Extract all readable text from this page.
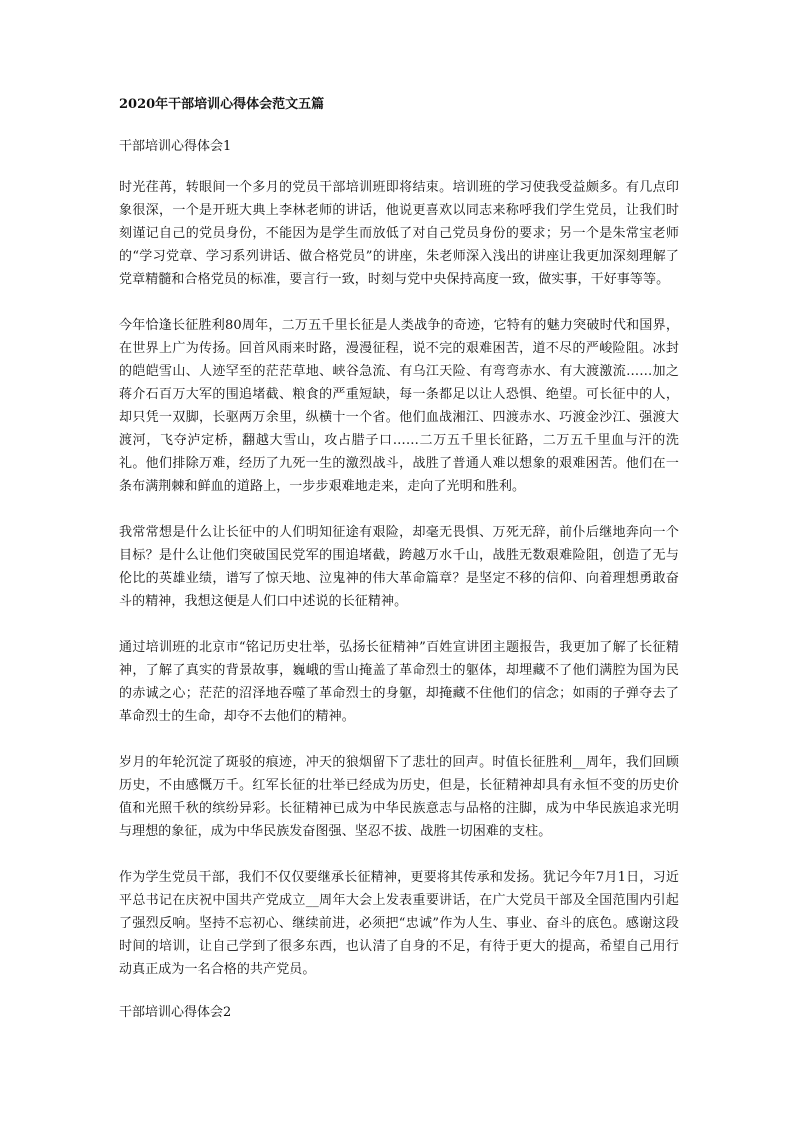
2020年干部培训心得体会范文五篇
干部培训心得体会1

时光荏苒，转眼间一个多月的党员干部培训班即将结束。培训班的学习使我受益颇多。有几点印象很深，一个是开班大典上李林老师的讲话，他说更喜欢以同志来称呼我们学生党员，让我们时刻谨记自己的党员身份，不能因为是学生而放低了对自己党员身份的要求；另一个是朱常宝老师的“学习党章、学习系列讲话、做合格党员”的讲座，朱老师深入浅出的讲座让我更加深刻理解了党章精髓和合格党员的标准，要言行一致，时刻与党中央保持高度一致，做实事，干好事等等。

今年恰逢长征胜利80周年，二万五千里长征是人类战争的奇迹，它特有的魅力突破时代和国界，在世界上广为传扬。回首风雨来时路，漫漫征程，说不完的艰难困苦，道不尽的严峻险阻。冰封的皑皑雪山、人迹罕至的茫茫草地、峡谷急流、有乌江天险、有弯弯赤水、有大渡激流……加之蒋介石百万大军的围追堵截、粮食的严重短缺，每一条都足以让人恐惧、绝望。可长征中的人，却只凭一双脚，长驱两万余里，纵横十一个省。他们血战湘江、四渡赤水、巧渡金沙江、强渡大渡河，飞夺泸定桥，翻越大雪山，攻占腊子口……二万五千里长征路，二万五千里血与汗的洗礼。他们排除万难，经历了九死一生的激烈战斗，战胜了普通人难以想象的艰难困苦。他们在一条布满荆棘和鲜血的道路上，一步步艰难地走来，走向了光明和胜利。

我常常想是什么让长征中的人们明知征途有艰险，却毫无畏惧、万死无辞，前仆后继地奔向一个目标？是什么让他们突破国民党军的围追堵截，跨越万水千山，战胜无数艰难险阻，创造了无与伦比的英雄业绩，谱写了惊天地、泣鬼神的伟大革命篇章？是坚定不移的信仰、向着理想勇敢奋斗的精神，我想这便是人们口中述说的长征精神。

通过培训班的北京市“铭记历史壮举，弘扬长征精神”百姓宣讲团主题报告，我更加了解了长征精神，了解了真实的背景故事，巍峨的雪山掩盖了革命烈士的躯体，却埋藏不了他们满腔为国为民的赤诚之心；茫茫的沼泽地吞噬了革命烈士的身躯，却掩藏不住他们的信念；如雨的子弹夺去了革命烈士的生命，却夺不去他们的精神。

岁月的年轮沉淀了斑驳的痕迹，冲天的狼烟留下了悲壮的回声。时值长征胜利__周年，我们回顾历史，不由感慨万千。红军长征的壮举已经成为历史，但是，长征精神却具有永恒不变的历史价值和光照千秋的缤纷异彩。长征精神已成为中华民族意志与品格的注脚，成为中华民族追求光明与理想的象征，成为中华民族发奋图强、坚忍不拔、战胜一切困难的支柱。

作为学生党员干部，我们不仅仅要继承长征精神，更要将其传承和发扬。犹记今年7月1日，习近平总书记在庆祝中国共产党成立__周年大会上发表重要讲话，在广大党员干部及全国范围内引起了强烈反响。坚持不忘初心、继续前进，必须把“忠诚”作为人生、事业、奋斗的底色。感谢这段时间的培训，让自己学到了很多东西，也认清了自身的不足，有待于更大的提高，希望自己用行动真正成为一名合格的共产党员。

干部培训心得体会2
